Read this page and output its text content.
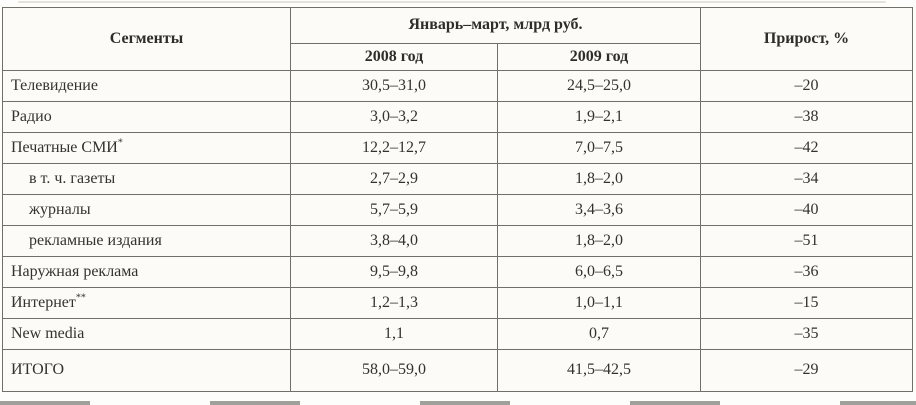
Сегменты	Январь–март, млрд руб.		Прирост, %
	2008 год	2009 год	
Телевидение	30,5–31,0	24,5–25,0	–20
Радио	3,0–3,2	1,9–2,1	–38
Печатные СМИ*	12,2–12,7	7,0–7,5	–42
в т. ч. газеты	2,7–2,9	1,8–2,0	–34
журналы	5,7–5,9	3,4–3,6	–40
рекламные издания	3,8–4,0	1,8–2,0	–51
Наружная реклама	9,5–9,8	6,0–6,5	–36
Интернет**	1,2–1,3	1,0–1,1	–15
New media	1,1	0,7	–35
ИТОГО	58,0–59,0	41,5–42,5	–29
